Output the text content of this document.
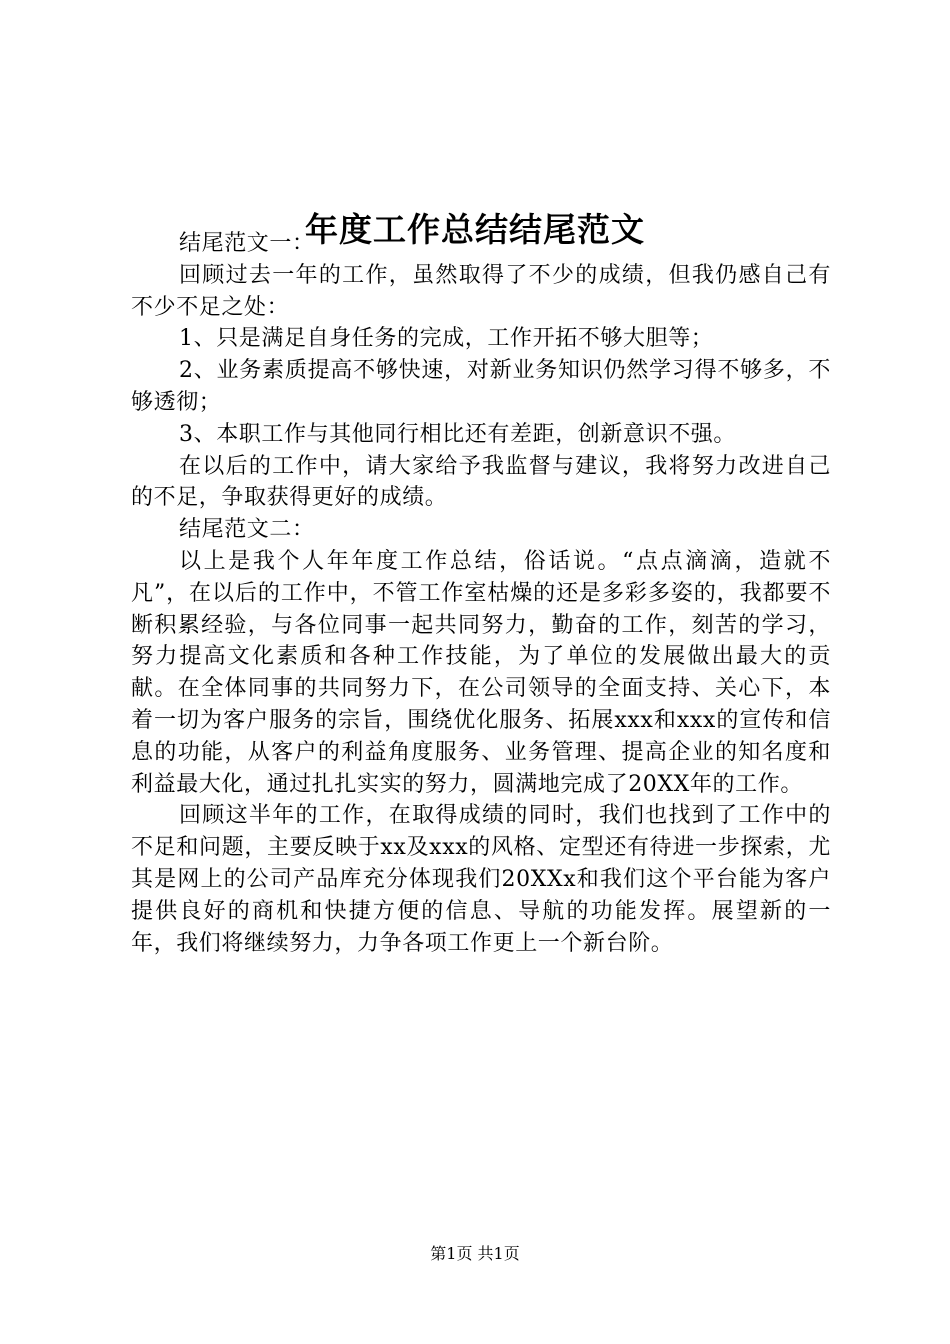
年度工作总结结尾范文

结尾范文一：

回顾过去一年的工作，虽然取得了不少的成绩，但我仍感自己有不少不足之处：

1、只是满足自身任务的完成，工作开拓不够大胆等；

2、业务素质提高不够快速，对新业务知识仍然学习得不够多，不够透彻；

3、本职工作与其他同行相比还有差距，创新意识不强。

在以后的工作中，请大家给予我监督与建议，我将努力改进自己的不足，争取获得更好的成绩。

结尾范文二：

以上是我个人年年度工作总结，俗话说。“点点滴滴，造就不凡”，在以后的工作中，不管工作室枯燥的还是多彩多姿的，我都要不断积累经验，与各位同事一起共同努力，勤奋的工作，刻苦的学习，努力提高文化素质和各种工作技能，为了单位的发展做出最大的贡献。在全体同事的共同努力下，在公司领导的全面支持、关心下，本着一切为客户服务的宗旨，围绕优化服务、拓展xxx和xxx的宣传和信息的功能，从客户的利益角度服务、业务管理、提高企业的知名度和利益最大化，通过扎扎实实的努力，圆满地完成了20XX年的工作。

回顾这半年的工作，在取得成绩的同时，我们也找到了工作中的不足和问题，主要反映于xx及xxx的风格、定型还有待进一步探索，尤其是网上的公司产品库充分体现我们20XXx和我们这个平台能为客户提供良好的商机和快捷方便的信息、导航的功能发挥。展望新的一年，我们将继续努力，力争各项工作更上一个新台阶。

第1页 共1页
